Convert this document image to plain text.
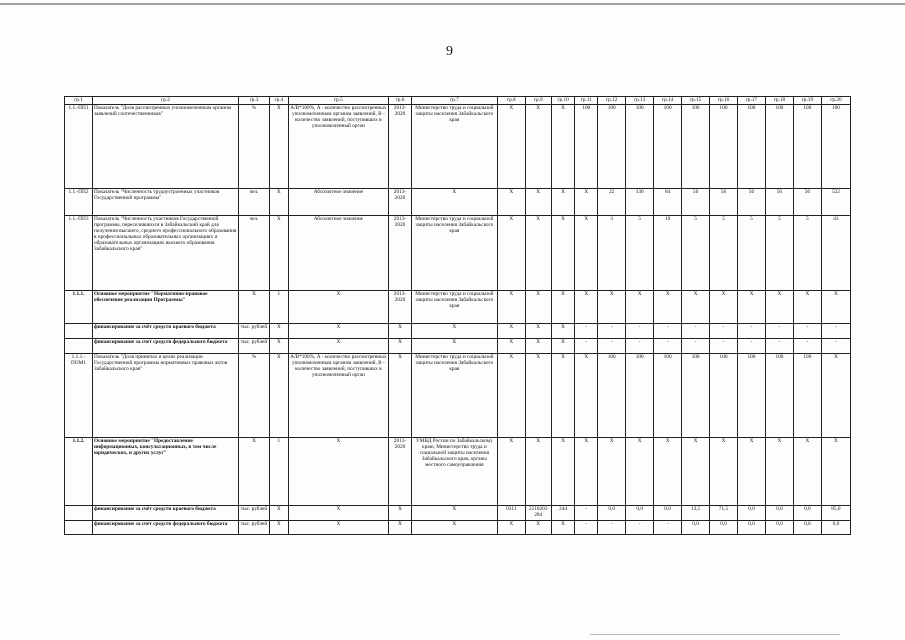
9
гр.1	гр.2	гр.3	гр.4	гр.5	гр.6	гр.7	гр.8	гр.9	гр.10	гр.11	гр.12	гр.13	гр.14	гр.15	гр.16	гр.17	гр.18	гр.19	гр.20
1.1.-ПП1	Показатель "Доля рассмотренных уполномоченным органом заявлений соотечественников"	%	X	А/В*100%, А - количество рассмотренных уполномоченным органом заявлений, В - количество заявлений, поступивших в уполномоченный орган	2013-2020	Министерство труда и социальной защиты населения Забайкальского края	X	X	X	100	100	100	100	100	100	100	100	100	100
1.1.-ПП2	Показатель "Численность трудоустроенных участников Государственной программы"	чел.	X	Абсолютное значение	2013-2020	X	X	X	X	X	22	136	84	56	56	56	56	56	522
1.1.-ПП3	Показатель "Численность участников Государственной программы, переселившихся в Забайкальский край для получения высшего, среднего профессионального образования в профессиональных образовательных организациях и образовательных организациях высшего образования Забайкальского края"	чел.	X	Абсолютное значение	2013-2020	Министерство труда и социальной защиты населения Забайкальского края	X	X	X	X	3	5	10	5	5	5	5	5	43
1.1.1.	Основное мероприятие "Нормативно-правовое обеспечение реализации Программы"	X	1	X	2013-2020	Министерство труда и социальной защиты населения Забайкальского края	X	X	X	X	X	X	X	X	X	X	X	X	X
	финансирование за счёт средств краевого бюджета	тыс. рублей	X	X	X	X	X	X	X	-	-	-	-	-	-	-	-	-	-
	финансирование за счет средств федерального бюджета	тыс. рублей	X	X	X	X	X	X	X	-	-	-	-	-	-	-	-	-	-
1.1.1.-ПОМ1	Показатель "Доля принятых в целях реализации Государственной программы нормативных правовых актов Забайкальского края"	%	X	А/В*100%, А - количество рассмотренных уполномоченным органом заявлений, В - количество заявлений, поступивших в уполномоченный орган	X	Министерство труда и социальной защиты населения Забайкальского края	X	X	X	X	100	100	100	100	100	100	100	100	X
1.1.2.	Основное мероприятие "Предоставление информационных, консультационных, в том числе юридических, и других услуг"	X	1	X	2013-2020	УМВД России по Забайкальскому краю, Министерство труда и социальной защиты населения Забайкальского края, органы местного самоуправления	X	X	X	X	X	X	X	X	X	X	X	X	X
	финансирование за счёт средств краевого бюджета	тыс. рублей	X	X	X	X	0311	2510203 284	244	-	0,0	0,0	0,0	13,5	71,5	0,0	0,0	0,0	85,0
	финансирование за счет средств федерального бюджета	тыс. рублей	X	X	X	X	X	X	X	-	-	-	-	0,0	0,0	0,0	0,0	0,0	0,0
